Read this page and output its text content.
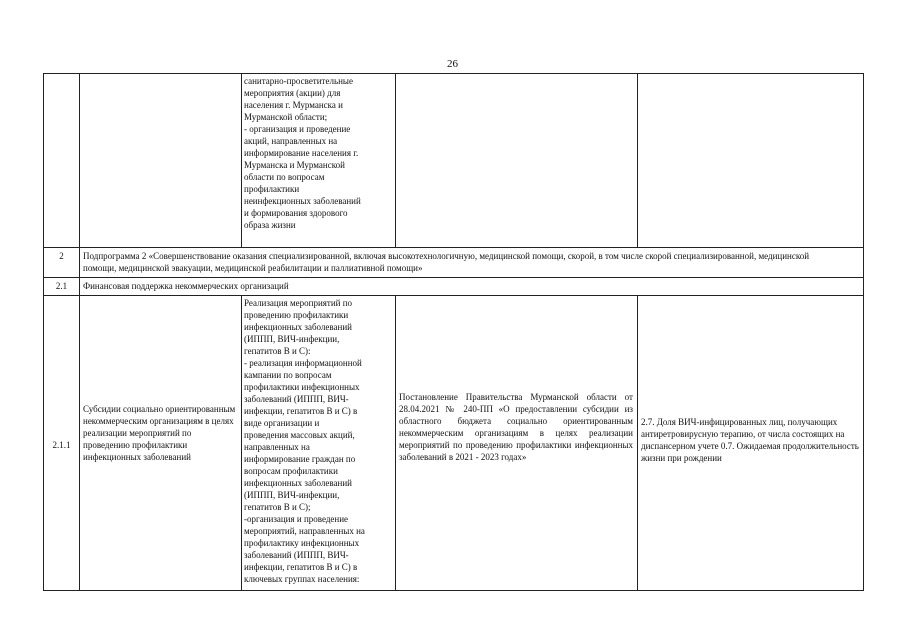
26
санитарно-просветительные
мероприятия (акции) для
населения г. Мурманска и
Мурманской области;
- организация и проведение
акций, направленных на
информирование населения г.
Мурманска и Мурманской
области по вопросам
профилактики
неинфекционных заболеваний
и формирования здорового
образа жизни
2	Подпрограмма 2 «Совершенствование оказания специализированной, включая высокотехнологичную, медицинской помощи, скорой, в том числе скорой специализированной, медицинской помощи, медицинской эвакуации, медицинской реабилитации и паллиативной помощи»
2.1	Финансовая поддержка некоммерческих организаций
2.1.1
Субсидии социально ориентированным некоммерческим организациям в целях реализации мероприятий по проведению профилактики инфекционных заболеваний
Реализация мероприятий по
проведению профилактики
инфекционных заболеваний
(ИППП, ВИЧ-инфекции,
гепатитов В и С):
- реализация информационной
кампании по вопросам
профилактики инфекционных
заболеваний (ИППП, ВИЧ-
инфекции, гепатитов В и С) в
виде организации и
проведения массовых акций,
направленных на
информирование граждан по
вопросам профилактики
инфекционных заболеваний
(ИППП, ВИЧ-инфекции,
гепатитов В и С);
-организация и проведение
мероприятий, направленных на
профилактику инфекционных
заболеваний (ИППП, ВИЧ-
инфекции, гепатитов В и С) в
ключевых группах населения:
Постановление Правительства Мурманской области от 28.04.2021 № 240-ПП «О предоставлении субсидии из областного бюджета социально ориентированным некоммерческим организациям в целях реализации мероприятий по проведению профилактики инфекционных заболеваний в 2021 - 2023 годах»
2.7. Доля ВИЧ-инфицированных лиц, получающих антиретровирусную терапию, от числа состоящих на диспансерном учете 0.7. Ожидаемая продолжительность жизни при рождении
